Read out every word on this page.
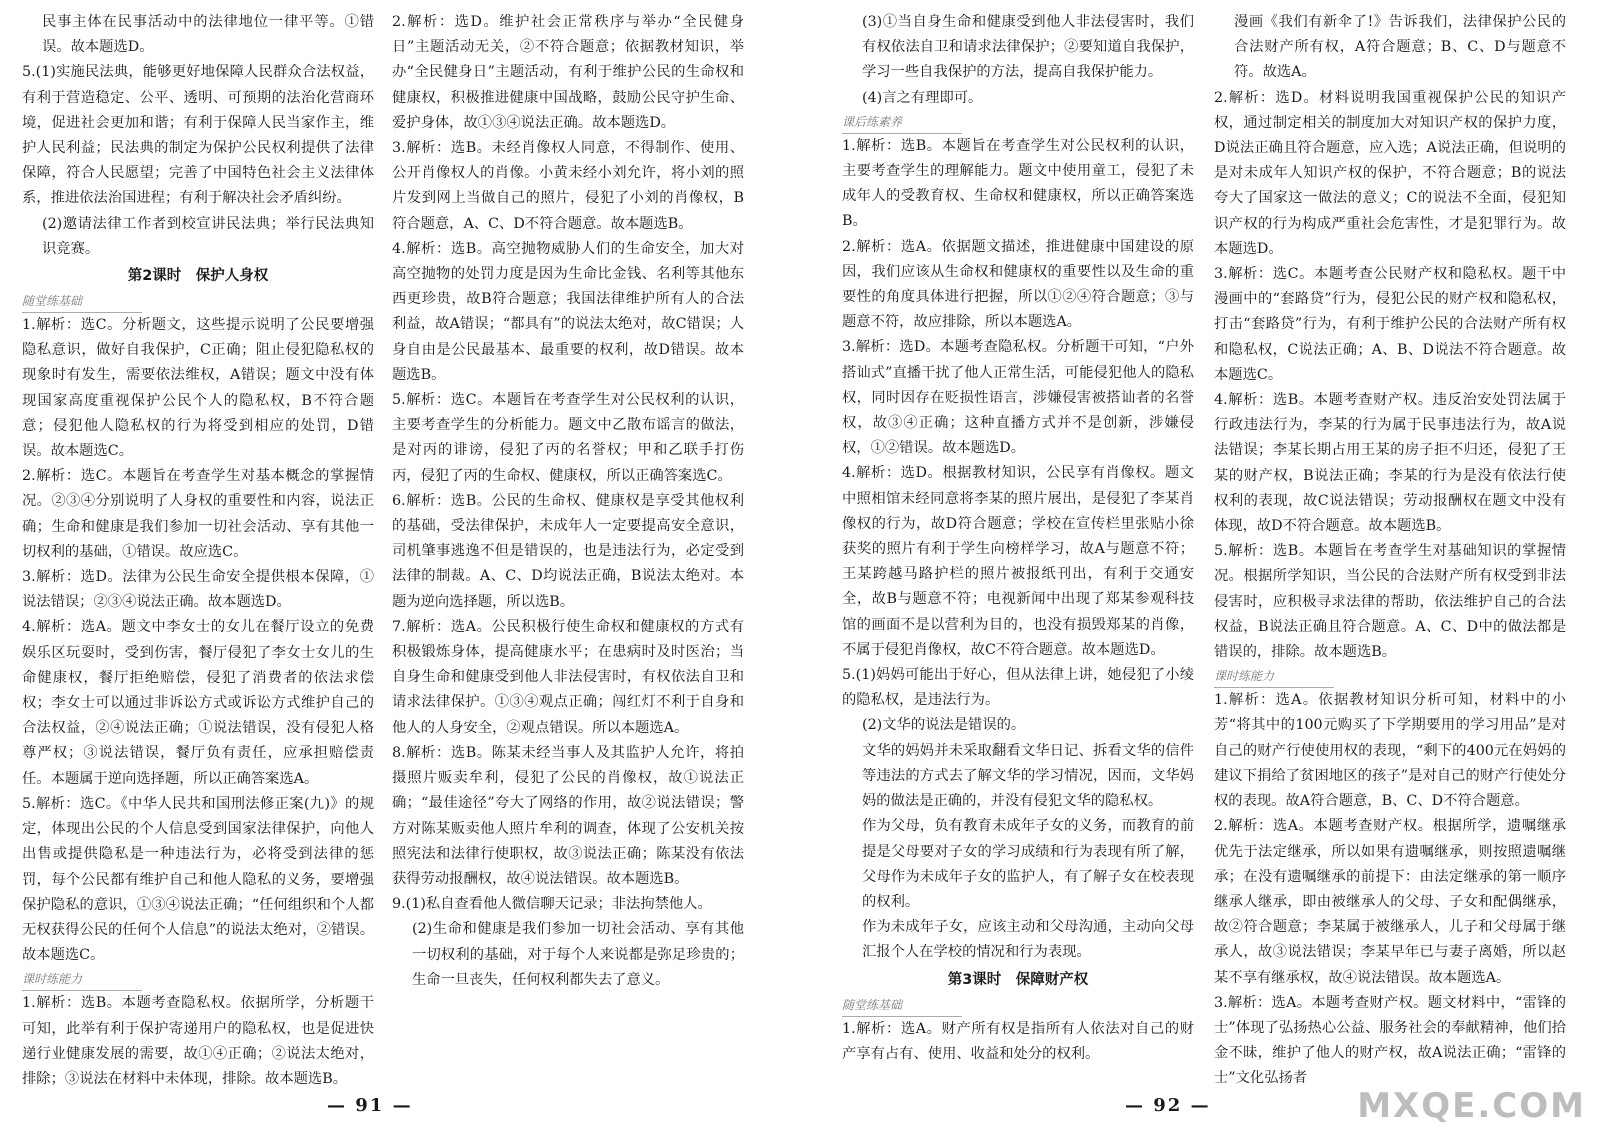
民事主体在民事活动中的法律地位一律平等。①错误。故本题选D。

5.(1)实施民法典，能够更好地保障人民群众合法权益，有利于营造稳定、公平、透明、可预期的法治化营商环境，促进社会更加和谐；有利于保障人民当家作主，维护人民利益；民法典的制定为保护公民权利提供了法律保障，符合人民愿望；完善了中国特色社会主义法律体系，推进依法治国进程；有利于解决社会矛盾纠纷。

(2)邀请法律工作者到校宣讲民法典；举行民法典知识竞赛。

第2课时　保护人身权

随堂练基础

1.解析：选C。分析题文，这些提示说明了公民要增强隐私意识，做好自我保护，C正确；阻止侵犯隐私权的现象时有发生，需要依法维权，A错误；题文中没有体现国家高度重视保护公民个人的隐私权，B不符合题意；侵犯他人隐私权的行为将受到相应的处罚，D错误。故本题选C。

2.解析：选C。本题旨在考查学生对基本概念的掌握情况。②③④分别说明了人身权的重要性和内容，说法正确；生命和健康是我们参加一切社会活动、享有其他一切权利的基础，①错误。故应选C。

3.解析：选D。法律为公民生命安全提供根本保障，①说法错误；②③④说法正确。故本题选D。

4.解析：选A。题文中李女士的女儿在餐厅设立的免费娱乐区玩耍时，受到伤害，餐厅侵犯了李女士女儿的生命健康权，餐厅拒绝赔偿，侵犯了消费者的依法求偿权；李女士可以通过非诉讼方式或诉讼方式维护自己的合法权益，②④说法正确；①说法错误，没有侵犯人格尊严权；③说法错误，餐厅负有责任，应承担赔偿责任。本题属于逆向选择题，所以正确答案选A。

5.解析：选C。《中华人民共和国刑法修正案(九)》的规定，体现出公民的个人信息受到国家法律保护，向他人出售或提供隐私是一种违法行为，必将受到法律的惩罚，每个公民都有维护自己和他人隐私的义务，要增强保护隐私的意识，①③④说法正确；“任何组织和个人都无权获得公民的任何个人信息”的说法太绝对，②错误。故本题选C。

课时练能力

1.解析：选B。本题考查隐私权。依据所学，分析题干可知，此举有利于保护寄递用户的隐私权，也是促进快递行业健康发展的需要，故①④正确；②说法太绝对，排除；③说法在材料中未体现，排除。故本题选B。

2.解析：选D。维护社会正常秩序与举办“全民健身日”主题活动无关，②不符合题意；依据教材知识，举办“全民健身日”主题活动，有利于维护公民的生命权和健康权，积极推进健康中国战略，鼓励公民守护生命、爱护身体，故①③④说法正确。故本题选D。

3.解析：选B。未经肖像权人同意，不得制作、使用、公开肖像权人的肖像。小黄未经小刘允许，将小刘的照片发到网上当做自己的照片，侵犯了小刘的肖像权，B符合题意，A、C、D不符合题意。故本题选B。

4.解析：选B。高空抛物威胁人们的生命安全，加大对高空抛物的处罚力度是因为生命比金钱、名利等其他东西更珍贵，故B符合题意；我国法律维护所有人的合法利益，故A错误；“都具有”的说法太绝对，故C错误；人身自由是公民最基本、最重要的权利，故D错误。故本题选B。

5.解析：选C。本题旨在考查学生对公民权利的认识，主要考查学生的分析能力。题文中乙散布谣言的做法，是对丙的诽谤，侵犯了丙的名誉权；甲和乙联手打伤丙，侵犯了丙的生命权、健康权，所以正确答案选C。

6.解析：选B。公民的生命权、健康权是享受其他权利的基础，受法律保护，未成年人一定要提高安全意识，司机肇事逃逸不但是错误的，也是违法行为，必定受到法律的制裁。A、C、D均说法正确，B说法太绝对。本题为逆向选择题，所以选B。

7.解析：选A。公民积极行使生命权和健康权的方式有积极锻炼身体，提高健康水平；在患病时及时医治；当自身生命和健康受到他人非法侵害时，有权依法自卫和请求法律保护。①③④观点正确；闯红灯不利于自身和他人的人身安全，②观点错误。所以本题选A。

8.解析：选B。陈某未经当事人及其监护人允许，将拍摄照片贩卖牟利，侵犯了公民的肖像权，故①说法正确；“最佳途径”夸大了网络的作用，故②说法错误；警方对陈某贩卖他人照片牟利的调查，体现了公安机关按照宪法和法律行使职权，故③说法正确；陈某没有依法获得劳动报酬权，故④说法错误。故本题选B。

9.(1)私自查看他人微信聊天记录；非法拘禁他人。

(2)生命和健康是我们参加一切社会活动、享有其他一切权利的基础，对于每个人来说都是弥足珍贵的；生命一旦丧失，任何权利都失去了意义。

— 91 —

(3)①当自身生命和健康受到他人非法侵害时，我们有权依法自卫和请求法律保护；②要知道自我保护，学习一些自我保护的方法，提高自我保护能力。

(4)言之有理即可。

课后练素养

1.解析：选B。本题旨在考查学生对公民权利的认识，主要考查学生的理解能力。题文中使用童工，侵犯了未成年人的受教育权、生命权和健康权，所以正确答案选B。

2.解析：选A。依据题文描述，推进健康中国建设的原因，我们应该从生命权和健康权的重要性以及生命的重要性的角度具体进行把握，所以①②④符合题意；③与题意不符，故应排除，所以本题选A。

3.解析：选D。本题考查隐私权。分析题干可知，“户外搭讪式”直播干扰了他人正常生活，可能侵犯他人的隐私权，同时因存在贬损性语言，涉嫌侵害被搭讪者的名誉权，故③④正确；这种直播方式并不是创新，涉嫌侵权，①②错误。故本题选D。

4.解析：选D。根据教材知识，公民享有肖像权。题文中照相馆未经同意将李某的照片展出，是侵犯了李某肖像权的行为，故D符合题意；学校在宣传栏里张贴小徐获奖的照片有利于学生向榜样学习，故A与题意不符；王某跨越马路护栏的照片被报纸刊出，有利于交通安全，故B与题意不符；电视新闻中出现了郑某参观科技馆的画面不是以营利为目的，也没有损毁郑某的肖像，不属于侵犯肖像权，故C不符合题意。故本题选D。

5.(1)妈妈可能出于好心，但从法律上讲，她侵犯了小绫的隐私权，是违法行为。

(2)文华的说法是错误的。

文华的妈妈并未采取翻看文华日记、拆看文华的信件等违法的方式去了解文华的学习情况，因而，文华妈妈的做法是正确的，并没有侵犯文华的隐私权。

作为父母，负有教育未成年子女的义务，而教育的前提是父母要对子女的学习成绩和行为表现有所了解，父母作为未成年子女的监护人，有了解子女在校表现的权利。

作为未成年子女，应该主动和父母沟通，主动向父母汇报个人在学校的情况和行为表现。

第3课时　保障财产权

随堂练基础

1.解析：选A。财产所有权是指所有人依法对自己的财产享有占有、使用、收益和处分的权利。

漫画《我们有新伞了!》告诉我们，法律保护公民的合法财产所有权，A符合题意；B、C、D与题意不符。故选A。

2.解析：选D。材料说明我国重视保护公民的知识产权，通过制定相关的制度加大对知识产权的保护力度，D说法正确且符合题意，应入选；A说法正确，但说明的是对未成年人知识产权的保护，不符合题意；B的说法夸大了国家这一做法的意义；C的说法不全面，侵犯知识产权的行为构成严重社会危害性，才是犯罪行为。故本题选D。

3.解析：选C。本题考查公民财产权和隐私权。题干中漫画中的“套路贷”行为，侵犯公民的财产权和隐私权，打击“套路贷”行为，有利于维护公民的合法财产所有权和隐私权，C说法正确；A、B、D说法不符合题意。故本题选C。

4.解析：选B。本题考查财产权。违反治安处罚法属于行政违法行为，李某的行为属于民事违法行为，故A说法错误；李某长期占用王某的房子拒不归还，侵犯了王某的财产权，B说法正确；李某的行为是没有依法行使权利的表现，故C说法错误；劳动报酬权在题文中没有体现，故D不符合题意。故本题选B。

5.解析：选B。本题旨在考查学生对基础知识的掌握情况。根据所学知识，当公民的合法财产所有权受到非法侵害时，应积极寻求法律的帮助，依法维护自己的合法权益，B说法正确且符合题意。A、C、D中的做法都是错误的，排除。故本题选B。

课时练能力

1.解析：选A。依据教材知识分析可知，材料中的小芳“将其中的100元购买了下学期要用的学习用品”是对自己的财产行使使用权的表现，“剩下的400元在妈妈的建议下捐给了贫困地区的孩子”是对自己的财产行使处分权的表现。故A符合题意，B、C、D不符合题意。

2.解析：选A。本题考查财产权。根据所学，遗嘱继承优先于法定继承，所以如果有遗嘱继承，则按照遗嘱继承；在没有遗嘱继承的前提下：由法定继承的第一顺序继承人继承，即由被继承人的父母、子女和配偶继承，故②符合题意；李某属于被继承人，儿子和父母属于继承人，故③说法错误；李某早年已与妻子离婚，所以赵某不享有继承权，故④说法错误。故本题选A。

3.解析：选A。本题考查财产权。题文材料中，“雷锋的士”体现了弘扬热心公益、服务社会的奉献精神，他们拾金不昧，维护了他人的财产权，故A说法正确；“雷锋的士”文化弘扬者

— 92 —	MXQE.COM
